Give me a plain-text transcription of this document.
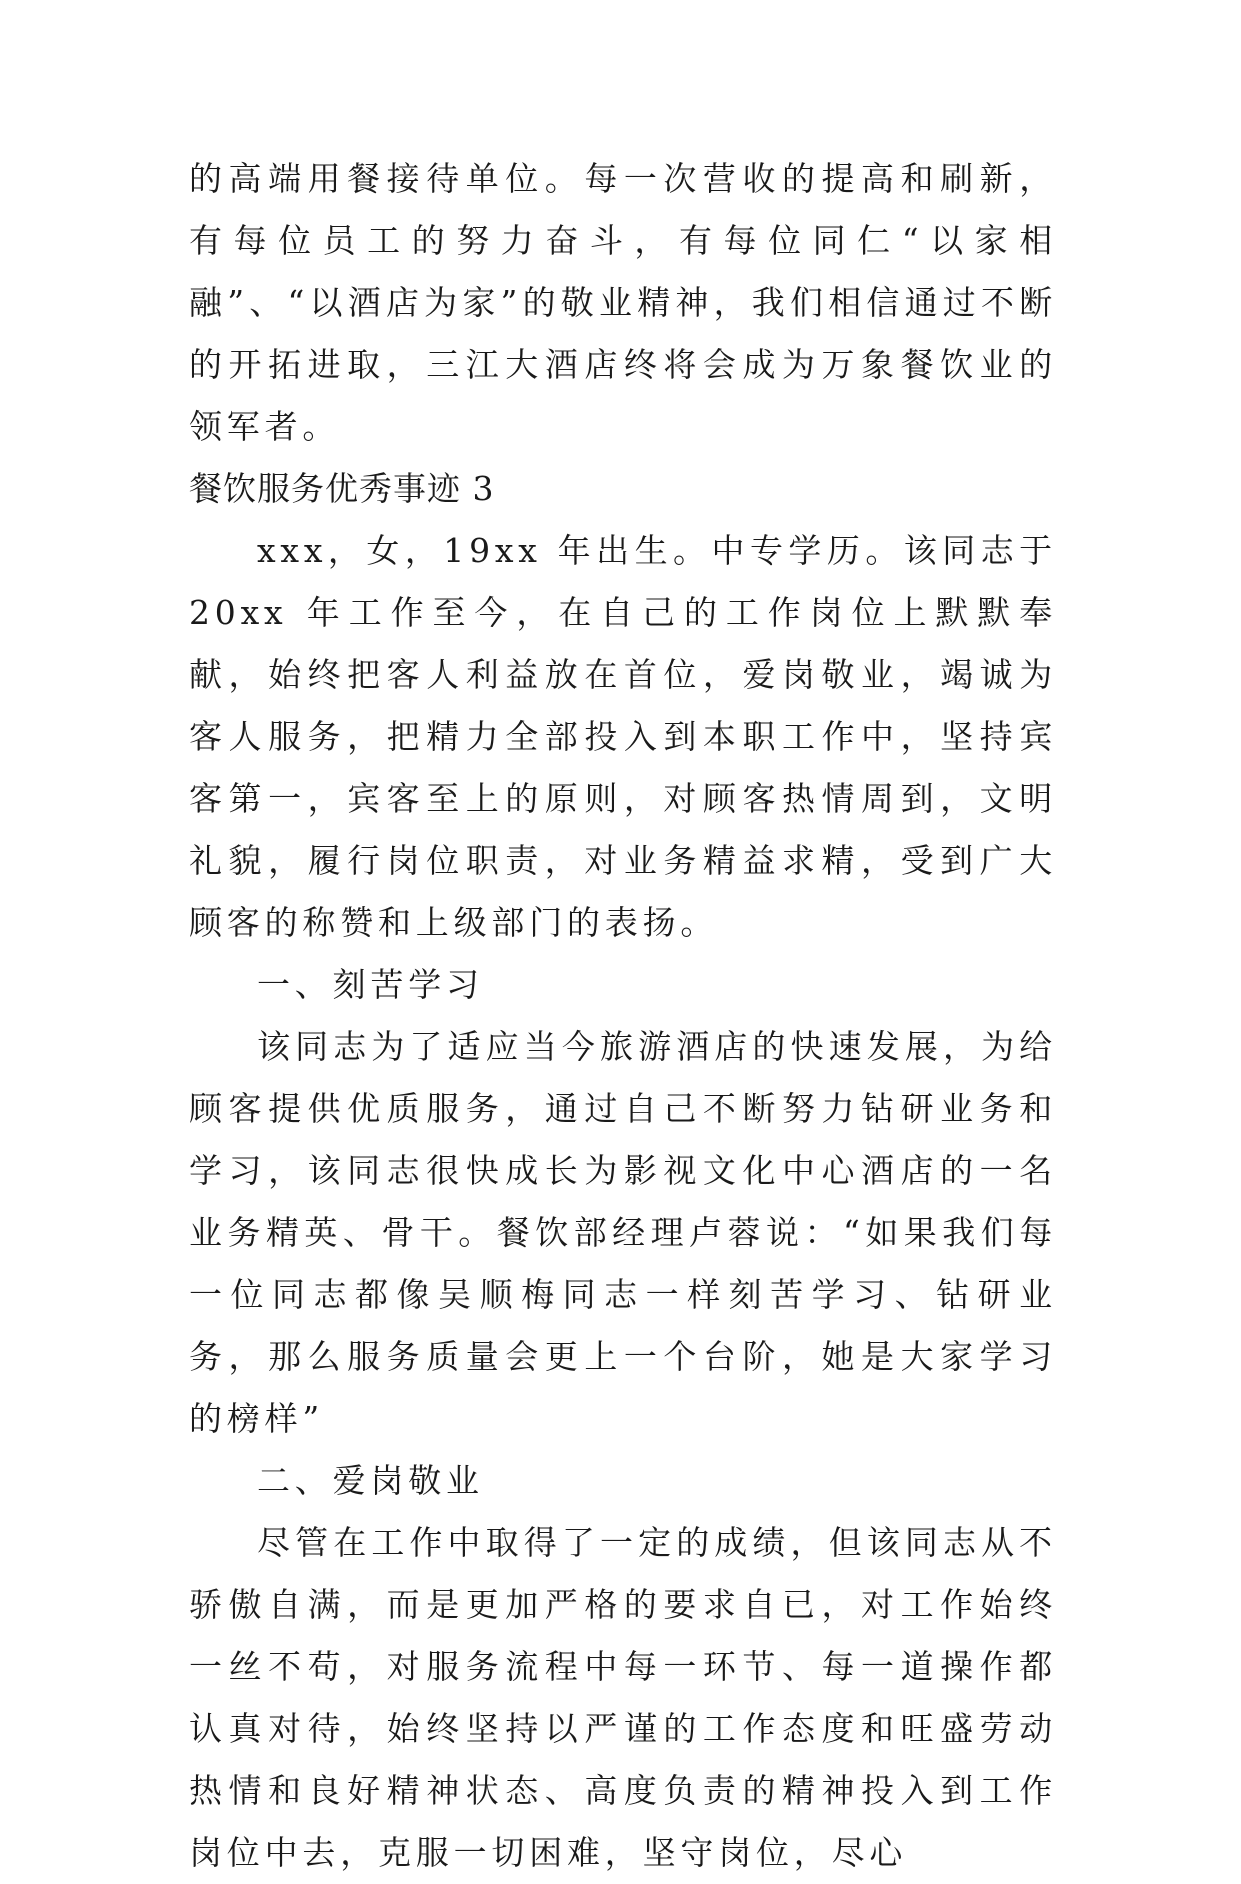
的高端用餐接待单位。每一次营收的提高和刷新，有每位员工的努力奋斗，有每位同仁“以家相融”、“以酒店为家”的敬业精神，我们相信通过不断的开拓进取，三江大酒店终将会成为万象餐饮业的领军者。

餐饮服务优秀事迹 3

xxx，女，19xx 年出生。中专学历。该同志于 20xx 年工作至今，在自己的工作岗位上默默奉献，始终把客人利益放在首位，爱岗敬业，竭诚为客人服务，把精力全部投入到本职工作中，坚持宾客第一，宾客至上的原则，对顾客热情周到，文明礼貌，履行岗位职责，对业务精益求精，受到广大顾客的称赞和上级部门的表扬。

一、刻苦学习

该同志为了适应当今旅游酒店的快速发展，为给顾客提供优质服务，通过自己不断努力钻研业务和学习，该同志很快成长为影视文化中心酒店的一名业务精英、骨干。餐饮部经理卢蓉说：“如果我们每一位同志都像吴顺梅同志一样刻苦学习、钻研业务，那么服务质量会更上一个台阶，她是大家学习的榜样”

二、爱岗敬业

尽管在工作中取得了一定的成绩，但该同志从不骄傲自满，而是更加严格的要求自已，对工作始终一丝不苟，对服务流程中每一环节、每一道操作都认真对待，始终坚持以严谨的工作态度和旺盛劳动热情和良好精神状态、高度负责的精神投入到工作岗位中去，克服一切困难，坚守岗位，尽心
